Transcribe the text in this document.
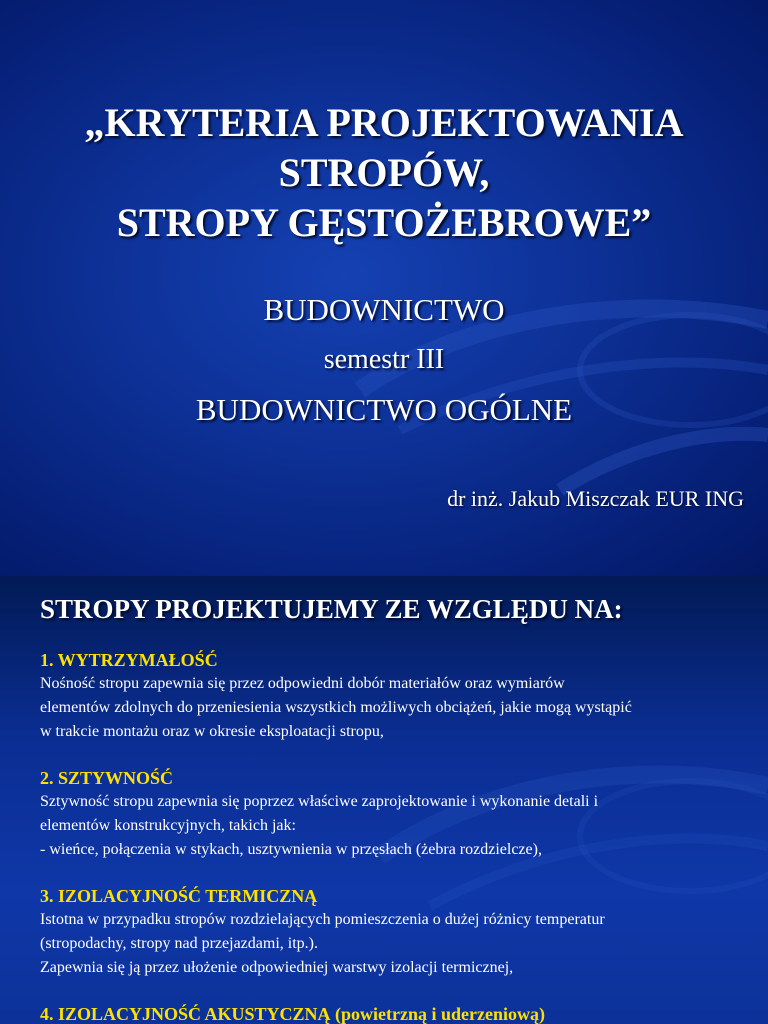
„KRYTERIA PROJEKTOWANIA
STROPÓW,
STROPY GĘSTOŻEBROWE”
BUDOWNICTWO
semestr III
BUDOWNICTWO OGÓLNE
dr inż. Jakub Miszczak EUR ING
STROPY PROJEKTUJEMY ZE WZGLĘDU NA:
1. WYTRZYMAŁOŚĆ
Nośność stropu zapewnia się przez odpowiedni dobór materiałów oraz wymiarów
elementów zdolnych do przeniesienia wszystkich możliwych obciążeń, jakie mogą wystąpić
w trakcie montażu oraz w okresie eksploatacji stropu,
2. SZTYWNOŚĆ
Sztywność stropu zapewnia się poprzez właściwe zaprojektowanie i wykonanie detali i
elementów konstrukcyjnych, takich jak:
- wieńce, połączenia w stykach, usztywnienia w przęsłach (żebra rozdzielcze),
3. IZOLACYJNOŚĆ TERMICZNĄ
Istotna w przypadku stropów rozdzielających pomieszczenia o dużej różnicy temperatur
(stropodachy, stropy nad przejazdami, itp.).
Zapewnia się ją przez ułożenie odpowiedniej warstwy izolacji termicznej,
4. IZOLACYJNOŚĆ AKUSTYCZNĄ (powietrzną i uderzeniową)
